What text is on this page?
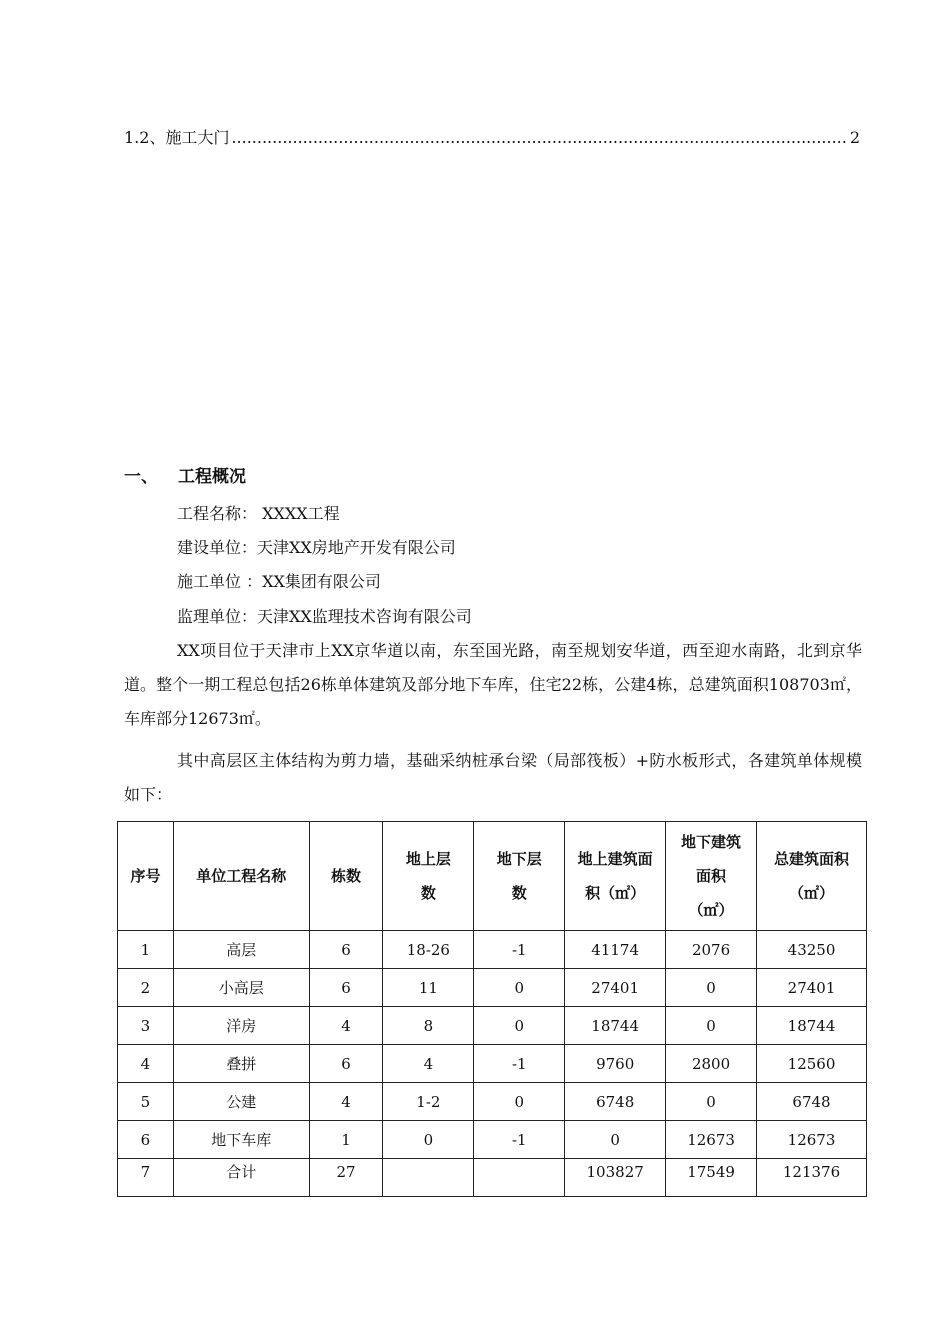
1.2、施工大门 .....	2
一、	工程概况
工程名称： XXXX工程
建设单位：天津XX房地产开发有限公司
施工单位 ：XX集团有限公司
监理单位：天津XX监理技术咨询有限公司
XX项目位于天津市上XX京华道以南，东至国光路，南至规划安华道，西至迎水南路，北到京华道。整个一期工程总包括26栋单体建筑及部分地下车库，住宅22栋，公建4栋，总建筑面积108703㎡，车库部分12673㎡。
其中高层区主体结构为剪力墙，基础采纳桩承台梁（局部筏板）+防水板形式，各建筑单体规模如下：
序号	单位工程名称	栋数	地上层数	地下层数	地上建筑面积（㎡）	地下建筑面积（㎡）	总建筑面积（㎡）
1	高层	6	18-26	-1	41174	2076	43250
2	小高层	6	11	0	27401	0	27401
3	洋房	4	8	0	18744	0	18744
4	叠拼	6	4	-1	9760	2800	12560
5	公建	4	1-2	0	6748	0	6748
6	地下车库	1	0	-1	0	12673	12673
7	合计	27			103827	17549	121376
